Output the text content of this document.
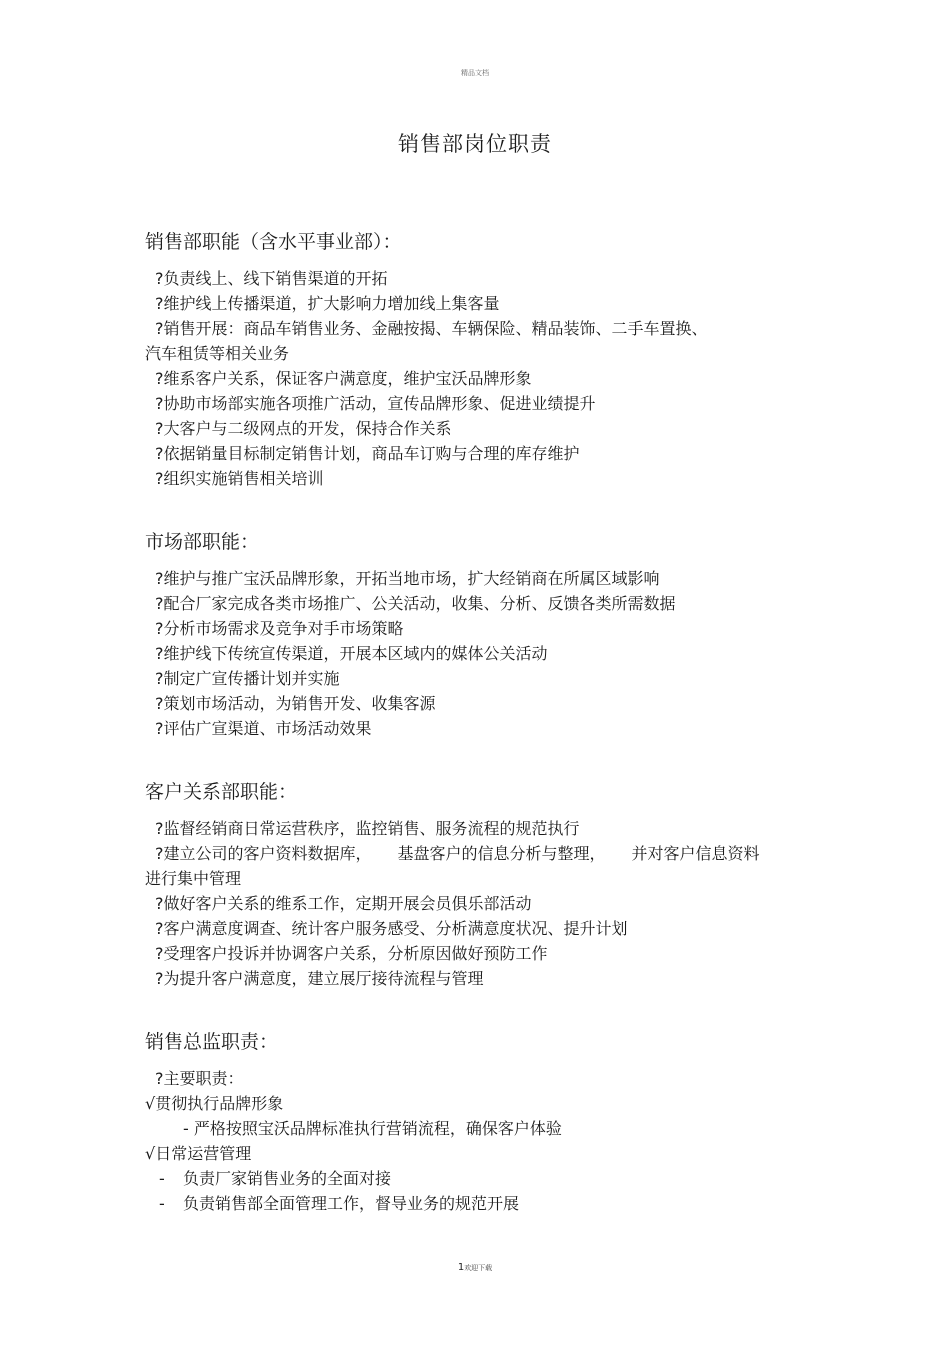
精品文档
销售部岗位职责
销售部职能（含水平事业部）：
?负责线上、线下销售渠道的开拓
?维护线上传播渠道，扩大影响力增加线上集客量
?销售开展：商品车销售业务、金融按揭、车辆保险、精品装饰、二手车置换、
汽车租赁等相关业务
?维系客户关系，保证客户满意度，维护宝沃品牌形象
?协助市场部实施各项推广活动，宣传品牌形象、促进业绩提升
?大客户与二级网点的开发，保持合作关系
?依据销量目标制定销售计划，商品车订购与合理的库存维护
?组织实施销售相关培训
市场部职能：
?维护与推广宝沃品牌形象，开拓当地市场，扩大经销商在所属区域影响
?配合厂家完成各类市场推广、公关活动，收集、分析、反馈各类所需数据
?分析市场需求及竞争对手市场策略
?维护线下传统宣传渠道，开展本区域内的媒体公关活动
?制定广宣传播计划并实施
?策划市场活动，为销售开发、收集客源
?评估广宣渠道、市场活动效果
客户关系部职能：
?监督经销商日常运营秩序，监控销售、服务流程的规范执行
?建立公司的客户资料数据库， 基盘客户的信息分析与整理， 并对客户信息资料
进行集中管理
?做好客户关系的维系工作，定期开展会员俱乐部活动
?客户满意度调查、统计客户服务感受、分析满意度状况、提升计划
?受理客户投诉并协调客户关系，分析原因做好预防工作
?为提升客户满意度，建立展厅接待流程与管理
销售总监职责：
?主要职责：
√贯彻执行品牌形象
- 严格按照宝沃品牌标准执行营销流程，确保客户体验
√日常运营管理
- 负责厂家销售业务的全面对接
- 负责销售部全面管理工作，督导业务的规范开展
1欢迎下载
